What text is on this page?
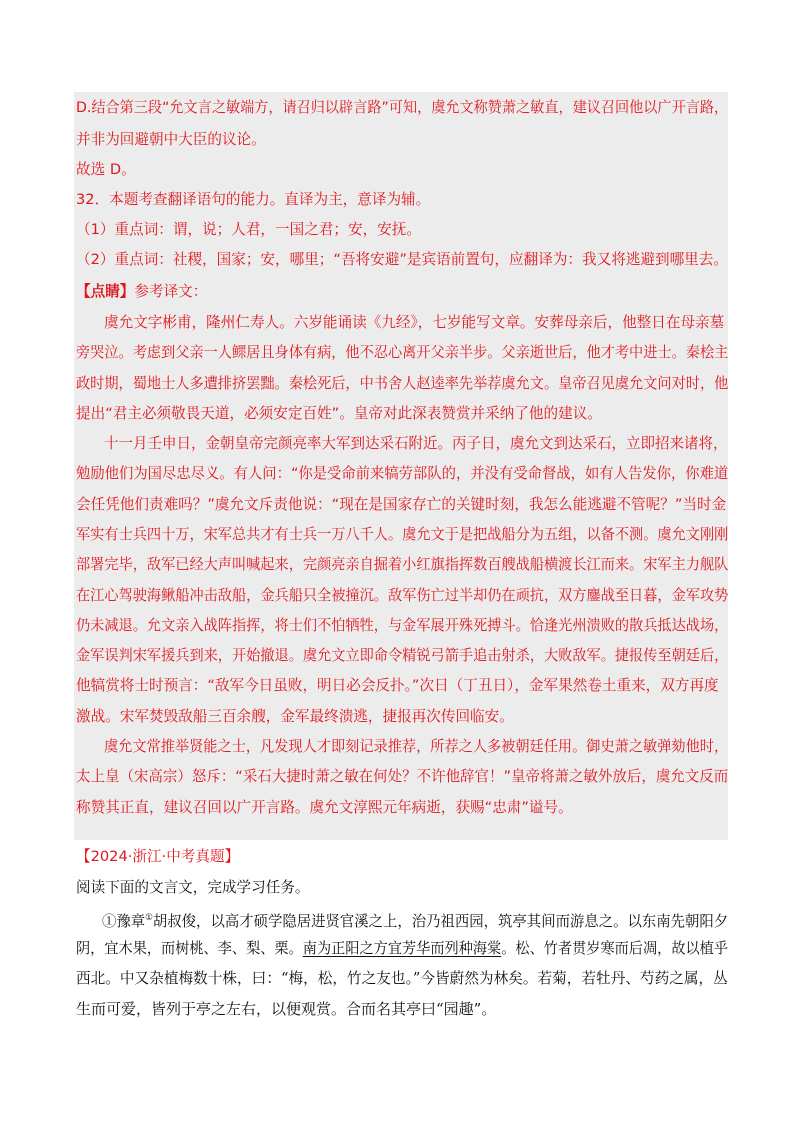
D.结合第三段“允文言之敏端方，请召归以辟言路”可知，虞允文称赞萧之敏直，建议召回他以广开言路，
并非为回避朝中大臣的议论。
故选 D。
32．本题考查翻译语句的能力。直译为主，意译为辅。
（1）重点词：谓，说；人君，一国之君；安，安抚。
（2）重点词：社稷，国家；安，哪里；“吾将安避”是宾语前置句，应翻译为：我又将逃避到哪里去。
【点睛】参考译文：
虞允文字彬甫，隆州仁寿人。六岁能诵读《九经》，七岁能写文章。安葬母亲后，他整日在母亲墓
旁哭泣。考虑到父亲一人鳏居且身体有病，他不忍心离开父亲半步。父亲逝世后，他才考中进士。秦桧主
政时期，蜀地士人多遭排挤罢黜。秦桧死后，中书舍人赵逵率先举荐虞允文。皇帝召见虞允文问对时，他
提出“君主必须敬畏天道，必须安定百姓”。皇帝对此深表赞赏并采纳了他的建议。
十一月壬申日，金朝皇帝完颜亮率大军到达采石附近。丙子日，虞允文到达采石，立即招来诸将，
勉励他们为国尽忠尽义。有人问：“你是受命前来犒劳部队的，并没有受命督战，如有人告发你，你难道
会任凭他们责难吗？”虞允文斥责他说：“现在是国家存亡的关键时刻，我怎么能逃避不管呢？”当时金
军实有士兵四十万，宋军总共才有士兵一万八千人。虞允文于是把战船分为五组，以备不测。虞允文刚刚
部署完毕，敌军已经大声叫喊起来，完颜亮亲自掘着小红旗指挥数百艘战船横渡长江而来。宋军主力舰队
在江心驾驶海鳅船冲击敌船，金兵船只全被撞沉。敌军伤亡过半却仍在顽抗，双方鏖战至日暮，金军攻势
仍未减退。允文亲入战阵指挥，将士们不怕牺牲，与金军展开殊死搏斗。恰逢光州溃败的散兵抵达战场，
金军误判宋军援兵到来，开始撤退。虞允文立即命令精锐弓箭手追击射杀，大败敌军。捷报传至朝廷后，
他犒赏将士时预言：“敌军今日虽败，明日必会反扑。”次日（丁丑日），金军果然卷土重来，双方再度
激战。宋军焚毁敌船三百余艘，金军最终溃逃，捷报再次传回临安。
虞允文常推举贤能之士，凡发现人才即刻记录推荐，所荐之人多被朝廷任用。御史萧之敏弹劾他时，
太上皇（宋高宗）怒斥：“采石大捷时萧之敏在何处？不许他辞官！”皇帝将萧之敏外放后，虞允文反而
称赞其正直，建议召回以广开言路。虞允文淳熙元年病逝，获赐“忠肃”谥号。
【2024·浙江·中考真题】
阅读下面的文言文，完成学习任务。
①豫章①胡叔俊，以高才硕学隐居进贤官溪之上，治乃祖西园，筑亭其间而游息之。以东南先朝阳夕
阴，宜木果，而树桃、李、梨、栗。南为正阳之方宜芳华而列种海棠。松、竹者贯岁寒而后凋，故以植乎
西北。中又杂植梅数十株，曰：“梅，松，竹之友也。”今皆蔚然为林矣。若菊，若牡丹、芍药之属，丛
生而可爱，皆列于亭之左右，以便观赏。合而名其亭曰“园趣”。
